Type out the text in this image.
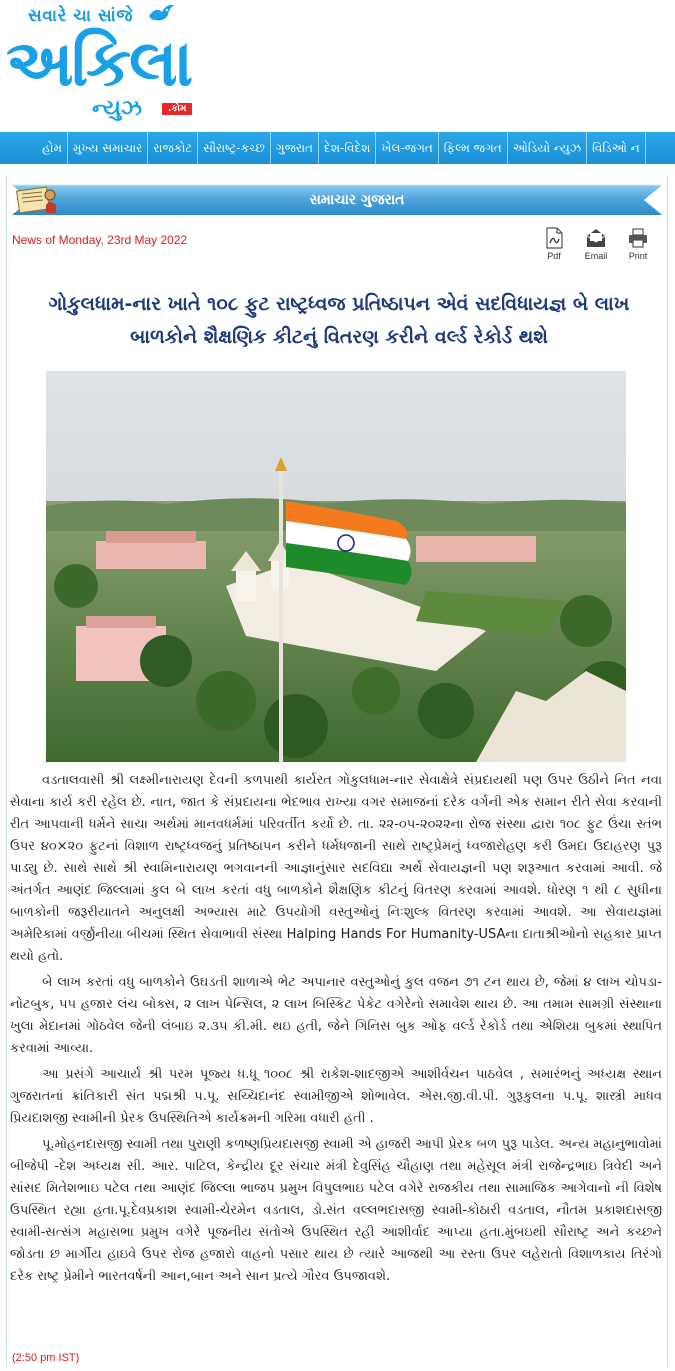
સવારે ચા સાંજે
અકિલા
ન્યુઝ	.કોમ
હોમ મુખ્ય સમાચાર રાજકોટ સૌરાષ્ટ્ર-કચ્છ ગુજરાત દેશ-વિદેશ ખેલ-જગત ફિલ્મ જગત ઓડિયો ન્યુઝ વિડિઓ ન
સમાચાર ગુજરાત
News of Monday, 23rd May 2022
Pdf	Email Print
ગોકુલધામ-નાર ખાતે ૧૦૮ ફુટ રાષ્ટ્રધ્વજ પ્રતિષ્ઠાપન એવં સદવિધાયજ્ઞ બે લાખ બાળકોને શૈક્ષણિક કીટનું વિતરણ કરીને વર્લ્ડ રેકોર્ડ થશે

વડતાલવાસી શ્રી લક્ષ્મીનારાયણ દેવની કળપાથી કાર્યરત ગોકુલધામ-નાર સેવાક્ષેત્રે સંપ્રદાયથી પણ ઉપર ઉઠીને નિત નવા સેવાના કાર્ય કરી રહેલ છે. નાત, જાત કે સંપ્રદાયના ભેદભાવ રાખ્યા વગર સમાજનાં દરેક વર્ગની એક સમાન રીતે સેવા કરવાની રીત આપવાની ધર્મને સાચા અર્થમાં માનવધર્મમાં પરિવર્તીત કર્યો છે. તા. ૨૨-૦૫-૨૦૨૨ના રોજ સંસ્થા દ્વારા ૧૦૮ ફુટ ઉંચા સ્તંભ ઉપર ૪૦×૨૦ ફુટનાં વિશાળ રાષ્ટ્રધ્વજનું પ્રતિષ્ઠાપન કરીને ધર્મધજાની સાથે રાષ્ટ્રપ્રેમનું ધ્વજારોહણ કરી ઉમદા ઉદાહરણ પુરૂ પાડ્યુ છે. સાથે સાથે શ્રી સ્વામિનારાયણ ભગવાનની આજ્ઞાનુંસાર સદવિદ્યા અર્થે સેવાયજ્ઞની પણ શરૂઆત કરવામાં આવી. જે અંતર્ગત આણંદ જિલ્લામાં કુલ બે લાખ કરતાં વધુ બાળકોને શૈક્ષણિક કીટનું વિતરણ કરવામાં આવશે. ધોરણ ૧ થી ૮ સુધીના બાળકોની જરૂરીયાતને અનુલક્ષી અભ્યાસ માટે ઉપયોગી વસ્તુઓનું નિઃશુલ્ક વિતરણ કરવામાં આવશે. આ સેવાયજ્ઞમાં અમેરિકામાં વર્જીનીયા બીચમાં સ્થિત સેવાભાવી સંસ્થા Halping Hands For Humanity-USAના દાતાશ્રીઓનો સહકાર પ્રાપ્ત થયો હતો.

બે લાખ કરતાં વધુ બાળકોને ઉઘડતી શાળાએ ભેટ અપાનાર વસ્તુઓનું કુલ વજન ૭૧ ટન થાય છે, જેમાં ૪ લાખ ચોપડા-નોટબુક, ૫૫ હજાર લંચ બોક્સ, ૨ લાખ પેન્સિલ, ૨ લાખ બિસ્કિટ પેકેટ વગેરેનો સમાવેશ થાય છે. આ તમામ સામગ્રી સંસ્થાના ખુલા મેદાનમાં ગોઠવેલ જેની લંબાઇ ૨.૩૫ કી.મી. થઇ હતી, જેને ગિનિસ બુક ઓફ વર્લ્ડ રેકોર્ડ તથા એશિયા બુકમાં સ્થાપિત કરવામાં આવ્યા.

આ પ્રસંગે આચાર્ય શ્રી પરમ પૂજ્ય ધ.ધૂ ૧૦૦૮ શ્રી રાકેશ-શાદજીએ આશીર્વચન પાઠવેલ , સમારંભનું અધ્યક્ષ સ્થાન ગુજરાતનાં ક્રાંતિકારી સંત પદ્મશ્રી પ.પૂ. સચ્ચિદાનંદ સ્વામીજીએ શોભાવેલ. એસ.જી.વી.પી. ગુરૂકુલના પ.પૂ. શાસ્ત્રી માધવ પ્રિયદાશજી સ્વામીની પ્રેરક ઉપસ્થિતિએ કાર્યક્રમની ગરિમા વધારી હતી .

પૂ.મોહનદાસજી સ્વામી તથા પુરાણી કળષ્ણપ્રિયદાસજી સ્વામી એ હાજરી આપી પ્રેરક બળ પુરૂ પાડેલ. અન્ય મહાનુભાવોમાં બીજેપી -દેશ અધ્યક્ષ સી. આર. પાટિલ, કેન્દ્રીય દૂર સંચાર મંત્રી દેવુસિંહ ચૌહાણ તથા મહેસૂલ મંત્રી રાજેન્દ્રભાઇ ત્રિવેદી અને સાંસદ મિતેશભાઇ પટેલ તથા આણંદ જિલ્લા ભાજપ પ્રમુખ વિપુલભાઇ પટેલ વગેરે રાજકીય તથા સામાજિક આગેવાનો ની વિશેષ ઉપસ્થિત રહ્યા હતા.પૂ.દેવપ્રકાશ સ્વામી-ચેરમેન વડતાલ, ડો.સંત વલ્લભદાસજી સ્વામી-કોઠારી વડતાલ, નૌતમ પ્રકાશદાસજી સ્વામી-સત્સંગ મહાસભા પ્રમુખ વગેરે પૂજનીય સંતોએ ઉપસ્થિત રહી આશીર્વાદ આપ્યા હતા.મુંબઇથી સૌરાષ્ટ્ર અને કચ્છને જોડતા છ માર્ગીય હાઇવે ઉપર રોજ હજારો વાહનો પસાર થાય છે ત્યારે આજથી આ રસ્તા ઉપર લહેરાતો વિશાળકાય તિરંગો દરેક રાષ્ટ્ર પ્રેમીને ભારતવર્ષની આન,બાન અને સાન પ્રત્યે ગૌરવ ઉપજાવશે.

(2:50 pm IST)
